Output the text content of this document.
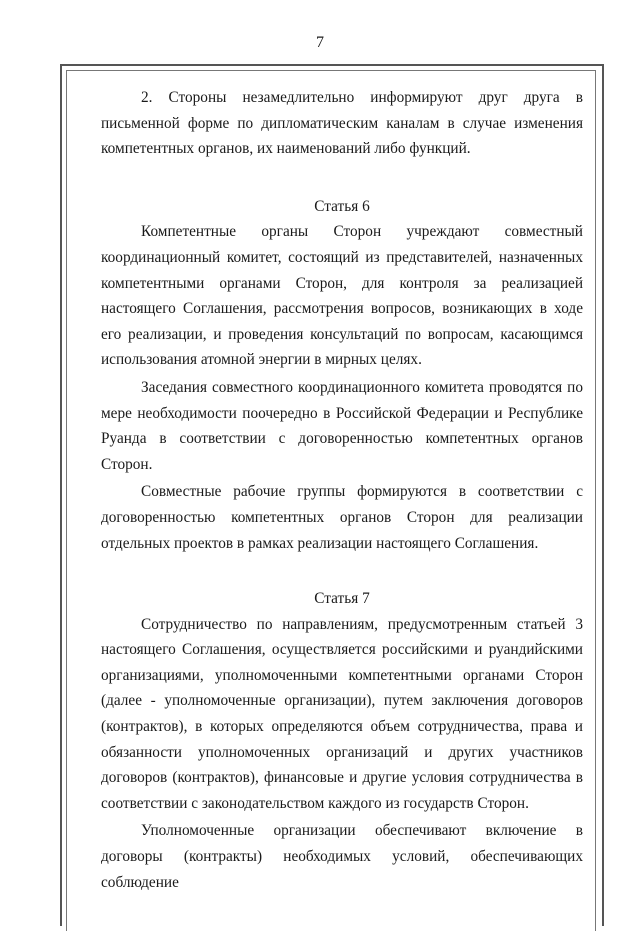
7

2. Стороны незамедлительно информируют друг друга в письменной форме по дипломатическим каналам в случае изменения компетентных органов, их наименований либо функций.

Статья 6

Компетентные органы Сторон учреждают совместный координационный комитет, состоящий из представителей, назначенных компетентными органами Сторон, для контроля за реализацией настоящего Соглашения, рассмотрения вопросов, возникающих в ходе его реализации, и проведения консультаций по вопросам, касающимся использования атомной энергии в мирных целях.

Заседания совместного координационного комитета проводятся по мере необходимости поочередно в Российской Федерации и Республике Руанда в соответствии с договоренностью компетентных органов Сторон.

Совместные рабочие группы формируются в соответствии с договоренностью компетентных органов Сторон для реализации отдельных проектов в рамках реализации настоящего Соглашения.

Статья 7

Сотрудничество по направлениям, предусмотренным статьей 3 настоящего Соглашения, осуществляется российскими и руандийскими организациями, уполномоченными компетентными органами Сторон (далее - уполномоченные организации), путем заключения договоров (контрактов), в которых определяются объем сотрудничества, права и обязанности уполномоченных организаций и других участников договоров (контрактов), финансовые и другие условия сотрудничества в соответствии с законодательством каждого из государств Сторон.

Уполномоченные организации обеспечивают включение в договоры (контракты) необходимых условий, обеспечивающих соблюдение
